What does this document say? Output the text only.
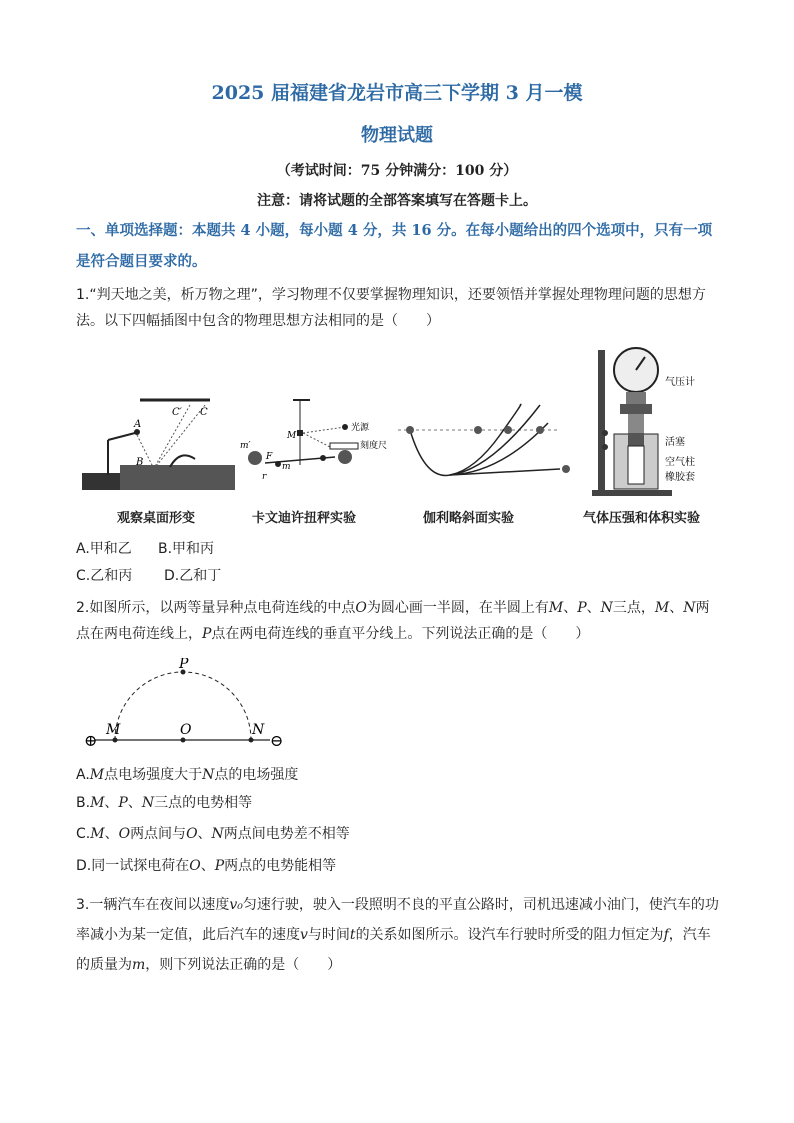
2025 届福建省龙岩市高三下学期 3 月一模
物理试题
（考试时间：75 分钟满分：100 分）
注意：请将试题的全部答案填写在答题卡上。
一、单项选择题：本题共 4 小题，每小题 4 分，共 16 分。在每小题给出的四个选项中，只有一项是符合题目要求的。
1.“判天地之美，析万物之理”，学习物理不仅要掌握物理知识，还要领悟并掌握处理物理问题的思想方法。以下四幅插图中包含的物理思想方法相同的是（　　）
C′ C
A
B
M
光源
刻度尺
m′
m
F
r
气压计
活塞
空气柱
橡胶套
观察桌面形变	卡文迪许扭秤实验	伽利略斜面实验	气体压强和体积实验
A.甲和乙 B.甲和丙
C.乙和丙 D.乙和丁
2.如图所示，以两等量异种点电荷连线的中点O为圆心画一半圆，在半圆上有M、P、N三点，M、N两点在两电荷连线上，P点在两电荷连线的垂直平分线上。下列说法正确的是（　　）
P
M	O	N
⊕	⊖
A.M点电场强度大于N点的电场强度
B.M、P、N三点的电势相等
C.M、O两点间与O、N两点间电势差不相等
D.同一试探电荷在O、P两点的电势能相等
3.一辆汽车在夜间以速度v₀匀速行驶，驶入一段照明不良的平直公路时，司机迅速减小油门，使汽车的功率减小为某一定值，此后汽车的速度v与时间t的关系如图所示。设汽车行驶时所受的阻力恒定为f，汽车的质量为m，则下列说法正确的是（　　）
